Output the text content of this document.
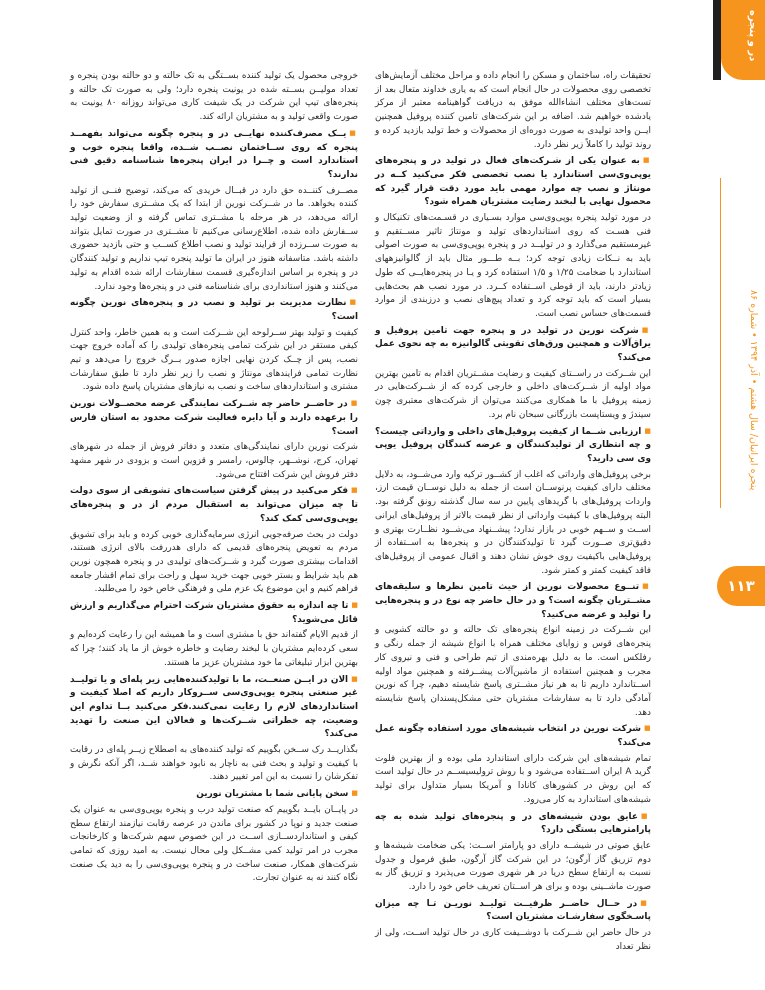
در و پنجره
پنجره ایرانیان/ سال هشتم • آذر ۱۳۹۴ • شماره ۸۶
۱۱۳

تحقیقات راه، ساختمان و مسکن را انجام داده و مراحل مختلف آزمایش‌های تخصصی روی محصولات در حال انجام است که به یاری خداوند متعال بعد از تست‌های مختلف انشاءالله موفق به دریافت گواهینامه معتبر از مرکز یادشده خواهیم شد. اضافه بر این شرکت‌های تامین کننده پروفیل همچنین ایــن واحد تولیدی به صورت دوره‌ای از محصولات و خط تولید بازدید کرده و روند تولید را کاملاً زیر نظر دارد.

■ به عنوان یکی از شـرکت‌های فعال در تولید در و پنجره‌های یوپی‌وی‌سی استاندارد یا نصب تخصصی فکر می‌کنید کــه در مونتاژ و نصب چه موارد مهمی باید مورد دقت قرار گیرد که محصول نهایی با لبخند رضایت مشتریان همراه شود؟

در مورد تولید پنجره یوپی‌وی‌سی موارد بسـیاری در قسـمت‌های تکنیکال و فنی هسـت که روی استانداردهای تولید و مونتاژ تاثیر مســتقیم و غیرمستقیم می‌گذارد و در تولیــد در و پنجره یوپی‌وی‌سی به صورت اصولی باید به نــکات زیادی توجه کرد؛ بــه طـــور مثال باید از گالوانیزههای استاندارد با ضخامت ۱/۲۵ و ۱/۵ استفاده کرد و یـا در پنجره‌هایــی که طول زیادتر دارند، باید از قوطی اســتفاده کــرد. در مورد نصب هم بحث‌هایی بسیار است که باید توجه کرد و تعداد پیچ‌های نصب و درزبندی از موارد قسمت‌های حساس نصب است.

■ شرکت نورین در تولید در و پنجره جهت تامین پروفیل و یراق‌آلات و همچنین ورق‌های تقویتی گالوانیزه به چه نحوی عمل می‌کند؟

این شــرکت در راســتای کیفیت و رضایت مشــتریان اقدام به تامین بهترین مواد اولیه از شــرکت‌های داخلی و خارجی کرده که از شــرکت‌هایی در زمینه پروفیل با ما همکاری می‌کنند می‌توان از شرکت‌های معتبری چون سیندژ و ویستاپست بازرگانی سبحان نام برد.

■ ارزیابی شــما از کیفیت پروفیل‌های داخلی و وارداتی چیست؟ و چه انتظاری از تولیدکنندگان و عرضه کنندگان پروفیل یوپی وی سی دارید؟

برخی پروفیل‌های وارداتی که اغلب از کشــور ترکیه وارد می‌شــود، به دلایل مختلف دارای کیفیت پرنوســان است از جمله به دلیل نوســان قیمت ارز، واردات پروفیل‌های با گریدهای پایین در سه سال گذشته رونق گرفته بود. البته پروفیل‌های با کیفیت وارداتی از نظر قیمت بالاتر از پروفیل‌های ایرانی اســت و ســهم خوبی در بازار ندارد؛ پیشــنهاد می‌شــود نظــارت بهتری و دقیق‌تری صــورت گیرد تا تولیدکنندگان در و پنجره‌ها به اســتفاده از پروفیل‌هایی باکیفیت روی خوش نشان دهند و اقبال عمومی از پروفیل‌های فاقد کیفیت کمتر و کمتر شود.

■ تنــوع محصولات نورین از حیث تامین نظرها و سلیقه‌های مشــتریان چگونه است؟ و در حال حاضر چه نوع در و پنجره‌هایی را تولید و عرضه می‌کنید؟

این شــرکت در زمینه انواع پنجره‌های تک حالته و دو حالته کشویی و پنجره‌های قوس و زوایای مختلف همراه با انواع شیشه از جمله رنگی و رفلکس است. ما به دلیل بهره‌مندی از تیم طراحی و فنی و نیروی کار مجرب و همچنین استفاده از ماشین‌آلات پیشــرفته و همچنین مواد اولیه اســتاندارد داریم تا به هر نیاز مشــتری پاسخ شایسته دهیم، چرا که نورین آمادگی دارد تا به سفارشات مشتریان حتی مشکل‌پسندان پاسخ شایسته دهد.

■ شرکت نورین در انتخاب شیشه‌های مورد استفاده چگونه عمل می‌کند؟

تمام شیشه‌های این شرکت دارای استاندارد ملی بوده و از بهترین فلوت گرید A ایران اســتفاده می‌شود و با روش ترولیسیســم در حال تولید است که این روش در کشورهای کانادا و آمریکا بسیار متداول برای تولید شیشه‌های استاندارد به کار می‌رود.

■ عایق بودن شیشه‌های در و پنجره‌های تولید شده به چه پارامترهایی بستگی دارد؟

عایق صوتی در شیشــه دارای دو پارامتر اســت: یکی ضخامت شیشه‌ها و دوم تزریق گاز آرگون؛ در این شرکت گاز آرگون، طبق فرمول و جدول نسبت به ارتفاع سطح دریا در هر شهری صورت می‌پذیرد و تزریق گاز به صورت ماشــینی بوده و برای هر اســتان تعریف خاص خود را دارد.

■ در حــال حاضــر ظرفیــت تولیــد نوریـن تـا چه میزان پاسـخگوی سفارشـات مشتریان است؟

در حال حاضر این شــرکت با دوشــیفت کاری در حال تولید اســت، ولی از نظر تعداد

خروجی محصول یک تولید کننده بســتگی به تک حالته و دو حالته بودن پنجره و تعداد مولیــن بســته شده در یونیت پنجره دارد؛ ولی به صورت تک حالته و پنجره‌های تیپ این شرکت در یک شیفت کاری می‌تواند روزانه ۸۰ یونیت به صورت واقعی تولید و به مشتریان ارائه کند.

■ یــک مصرف‌کننده نهایــی در و پنجره چگونه می‌تواند بفهمــد پنجره که روی ســاختمان نصــب شــده، واقعا پنجره خوب و استاندارد است و چــرا در ایران پنجره‌ها شناسنامه دقیق فنی ندارند؟

مصــرف کننــده حق دارد در قبــال خریدی که می‌کند، توضیح فنــی از تولید کننده بخواهد. ما در شــرکت نورین از ابتدا که یک مشــتری سفارش خود را ارائه می‌دهد، در هر مرحله با مشــتری تماس گرفته و از وضعیت تولید ســفارش داده شده، اطلاع‌رسانی می‌کنیم تا مشــتری در صورت تمایل بتواند به صورت ســرزده از فرایند تولید و نصب اطلاع کســب و حتی بازدید حضوری داشته باشد. متاسفانه هنوز در ایران ما تولید پنجره تیپ نداریم و تولید کنندگان در و پنجره بر اساس اندازه‌گیری قسمت سفارشات ارائه شده اقدام به تولید می‌کنند و هنوز استانداردی برای شناسنامه فنی در و پنجره‌ها وجود ندارد.

■ نظارت مدیریت بر تولید و نصب در و پنجره‌های نورین چگونه است؟

کیفیت و تولید بهتر ســرلوحه این شــرکت است و به همین خاطر، واحد کنترل کیفی مستقر در این شرکت تمامی پنجره‌های تولیدی را که آماده خروج جهت نصب، پس از چــک کردن نهایی اجازه صدور بــرگ خروج را می‌دهد و تیم نظارت تمامی فرایندهای مونتاژ و نصب را زیر نظر دارد تا طبق سفارشات مشتری و استانداردهای ساخت و نصب به نیازهای مشتریان پاسخ داده شود.

■ در حاضــر حاضر چه شــرکت نمایندگی عرضه محصــولات نورین را برعهده دارند و آیا دایره فعالیت شرکت محدود به استان فارس است؟

شرکت نورین دارای نمایندگی‌های متعدد و دفاتر فروش از جمله در شهرهای تهران، کرج، نوشــهر، چالوس، رامسر و قزوین است و بزودی در شهر مشهد دفتر فروش این شرکت افتتاح می‌شود.

■ فکر می‌کنید در پیش گرفتن سیاست‌های تشویقی از سوی دولت تا چه میزان می‌تواند به استقبال مردم از در و پنجره‌های یوپی‌وی‌سی کمک کند؟

دولت در بحث صرفه‌جویی انرژی سرمایه‌گذاری خوبی کرده و باید برای تشویق مردم به تعویض پنجره‌های قدیمی که دارای هدررفت بالای انرژی هستند، اقدامات بیشتری صورت گیرد و شــرکت‌های تولیدی در و پنجره همچون نورین هم باید شرایط و بستر خوبی جهت خرید سهل و راحت برای تمام اقشار جامعه فراهم کنیم و این موضوع یک عزم ملی و فرهنگی خاص خود را می‌طلبد.

■ تا چه اندازه به حقوق مشتریان شرکت احترام می‌گذاریم و ارزش قائل می‌شوید؟

از قدیم الایام گفته‌اند حق با مشتری است و ما همیشه این را رعایت کرده‌ایم و سعی کرده‌ایم مشتریان با لبخند رضایت و خاطره خوش از ما یاد کنند؛ چرا که بهترین ابزار تبلیغاتی ما خود مشتریان عزیز ما هستند.

■ الان در ایــن صنعــت، ما با تولیدکننده‌هایی زیر پله‌ای و یا تولیــد غیر صنعتی پنجره یوپی‌وی‌سی ســروکار داریم که اصلا کیفیت و استانداردهای لازم را رعایت نمی‌کنند.فکر می‌کنید بــا تداوم این وضعیت، چه خطراتی شــرکت‌ها و فعالان این صنعت را تهدید می‌کند؟

بگذاریــد رک ســخن بگوییم که تولید کننده‌های به اصطلاح زیــر پله‌ای در رقابت با کیفیت و تولید و بحث فنی به ناچار به نابود خواهند شــد، اگر آنکه نگرش و تفکرشان را نسبت به این امر تغییر دهند.

■ سخن پایانی شما با مشتریان نورین

در پایــان بایــد بگوییم که صنعت تولید درب و پنجره یوپی‌وی‌سی به عنوان یک صنعت جدید و نوپا در کشور برای ماندن در عرصه رقابت نیازمند ارتقاع سطح کیفی و استانداردســازی اســت در این خصوص سهم شرکت‌ها و کارخانجات مجرب در امر تولید کمی مشــکل ولی محال نیست. به امید روزی که تمامی شرکت‌های همکار، صنعت ساخت در و پنجره یوپی‌وی‌سی را به دید یک صنعت نگاه کنند نه به عنوان تجارت.
